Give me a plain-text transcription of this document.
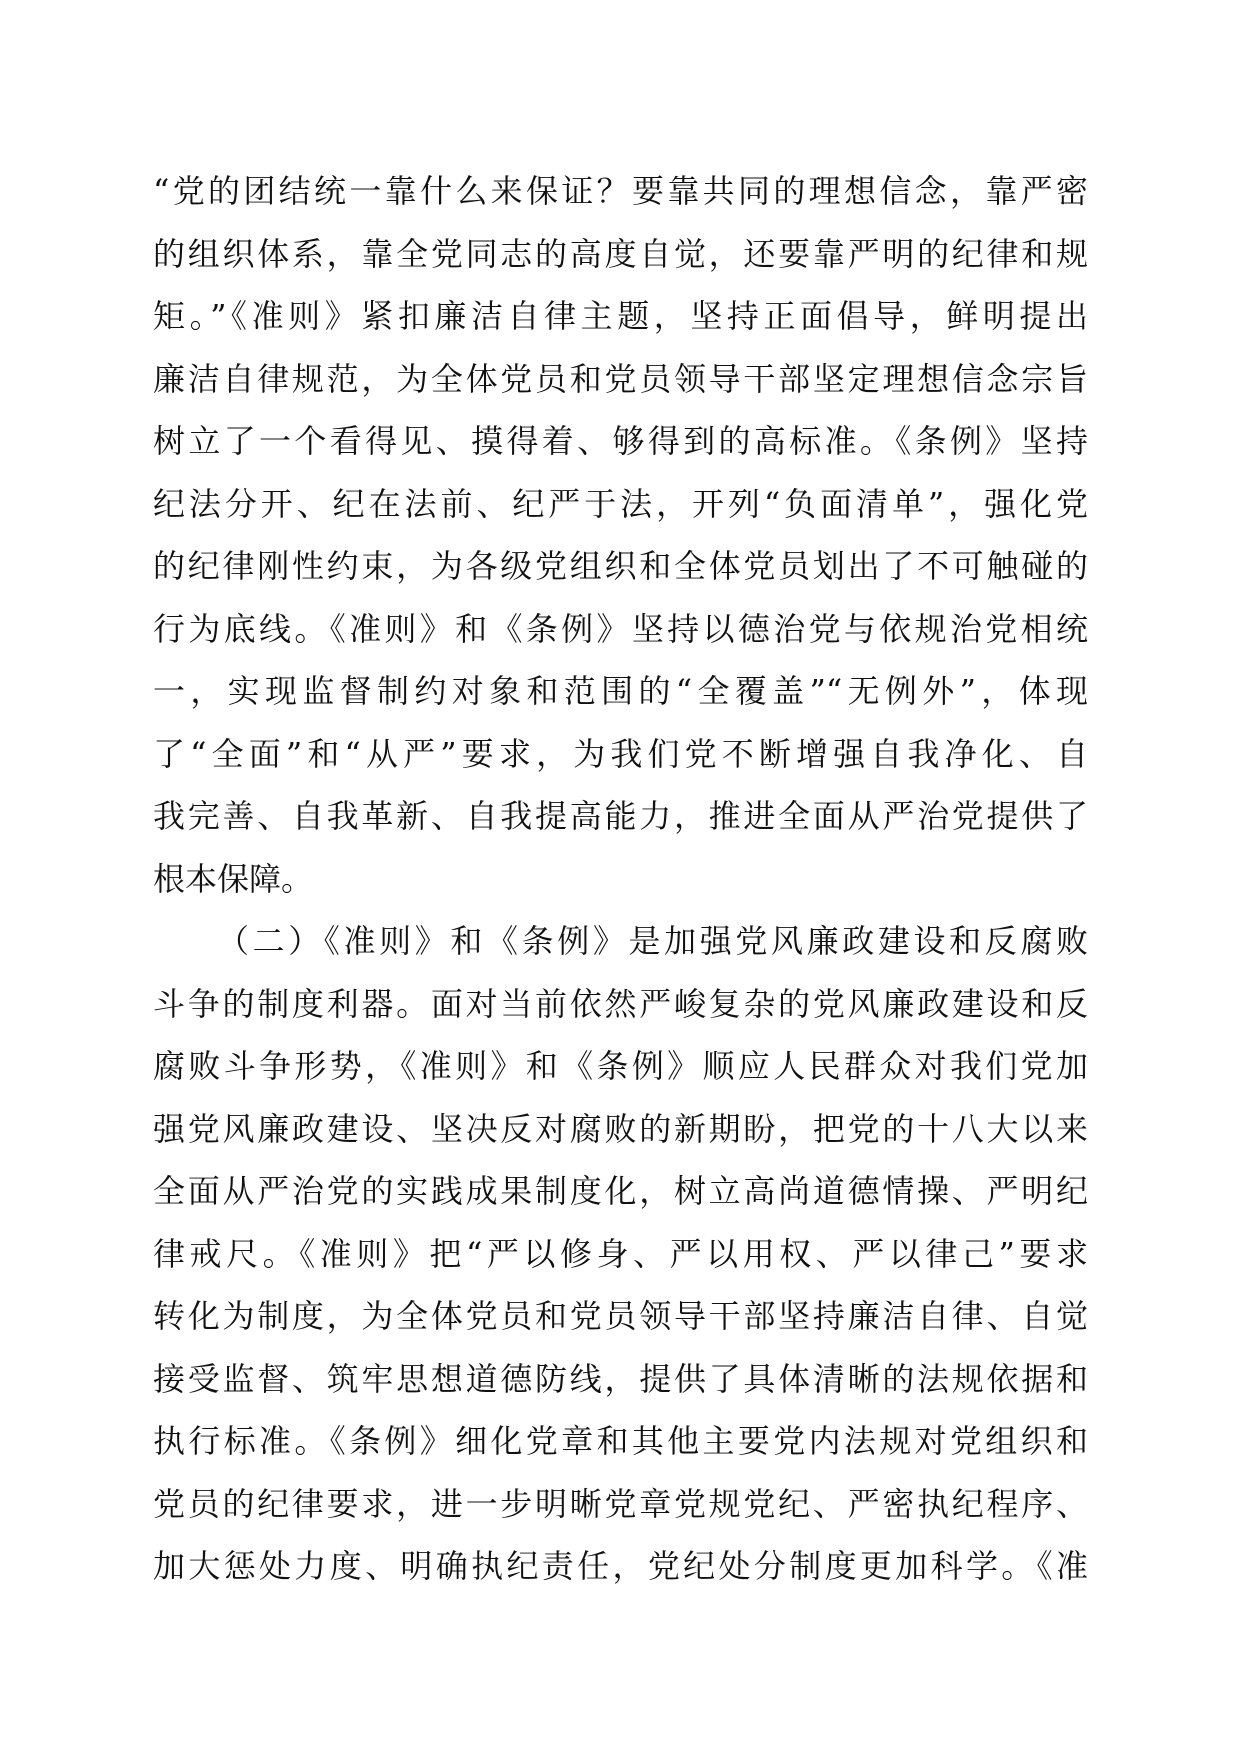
“党的团结统一靠什么来保证？要靠共同的理想信念，靠严密
的组织体系，靠全党同志的高度自觉，还要靠严明的纪律和规
矩。”《准则》紧扣廉洁自律主题，坚持正面倡导，鲜明提出
廉洁自律规范，为全体党员和党员领导干部坚定理想信念宗旨
树立了一个看得见、摸得着、够得到的高标准。《条例》坚持
纪法分开、纪在法前、纪严于法，开列“负面清单”，强化党
的纪律刚性约束，为各级党组织和全体党员划出了不可触碰的
行为底线。《准则》和《条例》坚持以德治党与依规治党相统
一，实现监督制约对象和范围的“全覆盖”“无例外”，体现
了“全面”和“从严”要求，为我们党不断增强自我净化、自
我完善、自我革新、自我提高能力，推进全面从严治党提供了
根本保障。
（二）《准则》和《条例》是加强党风廉政建设和反腐败
斗争的制度利器。面对当前依然严峻复杂的党风廉政建设和反
腐败斗争形势，《准则》和《条例》顺应人民群众对我们党加
强党风廉政建设、坚决反对腐败的新期盼，把党的十八大以来
全面从严治党的实践成果制度化，树立高尚道德情操、严明纪
律戒尺。《准则》把“严以修身、严以用权、严以律己”要求
转化为制度，为全体党员和党员领导干部坚持廉洁自律、自觉
接受监督、筑牢思想道德防线，提供了具体清晰的法规依据和
执行标准。《条例》细化党章和其他主要党内法规对党组织和
党员的纪律要求，进一步明晰党章党规党纪、严密执纪程序、
加大惩处力度、明确执纪责任，党纪处分制度更加科学。《准
